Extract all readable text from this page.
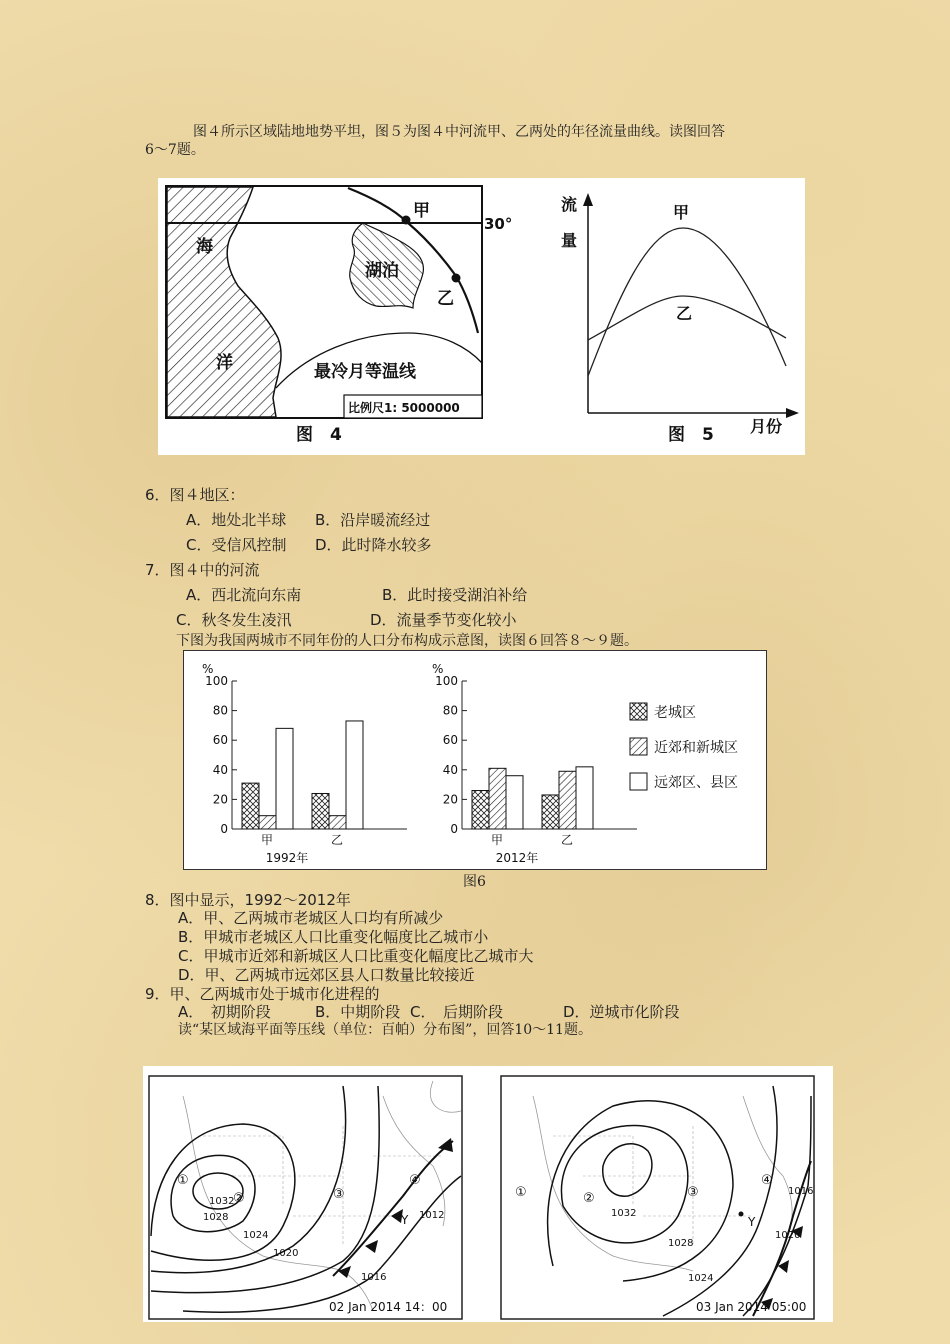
图４所示区域陆地地势平坦，图５为图４中河流甲、乙两处的年径流量曲线。读图回答
6～7题。
海
洋
湖泊
甲
乙
30°
最冷月等温线
比例尺1: 5000000
图　4
流
量
甲
乙
月份
图　5
6．图４地区：
A．地处北半球 B．沿岸暖流经过
C．受信风控制 D．此时降水较多
7．图４中的河流
A．西北流向东南	B．此时接受湖泊补给
C．秋冬发生凌汛	D．流量季节变化较小
下图为我国两城市不同年份的人口分布构成示意图，读图６回答８～９题。
%
100
80
60
40
20
0
甲	乙
1992年
%
100
80
60
40
20
0
甲	乙
2012年
老城区
近郊和新城区
远郊区、县区
图6
8．图中显示，1992～2012年
A．甲、乙两城市老城区人口均有所减少
B．甲城市老城区人口比重变化幅度比乙城市小
C．甲城市近郊和新城区人口比重变化幅度比乙城市大
D．甲、乙两城市远郊区县人口数量比较接近
9．甲、乙两城市处于城市化进程的
A．　初期阶段	B．中期阶段 C．　后期阶段	D．逆城市化阶段
读“某区域海平面等压线（单位：百帕）分布图”，回答10～11题。
①
②	③
④
Y
1032
1028
1024
1020
1016
1012
02 Jan 2014 14：00
①	②	③
④
Y
1032
1028
1024
1020
1016
03 Jan 2014 05:00
